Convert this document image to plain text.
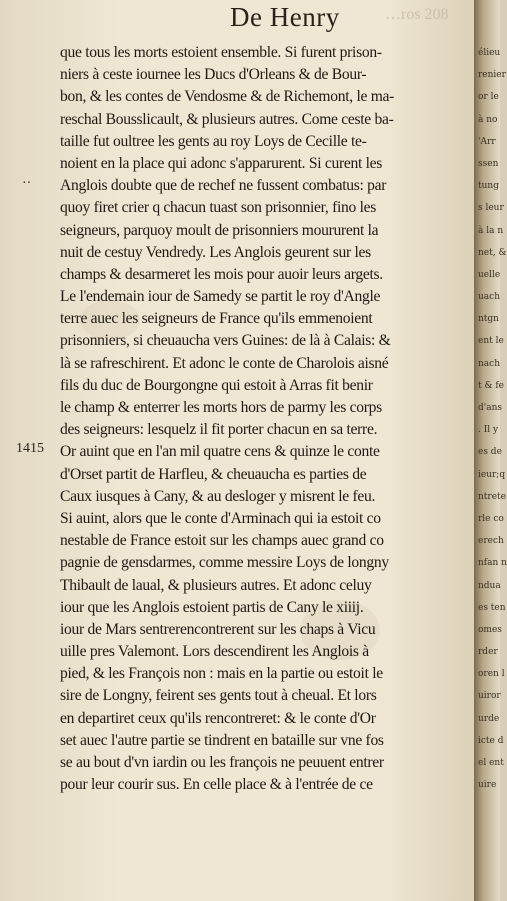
…ros 208
De Henry
··
1415
que tous les morts estoient ensemble. Si furent prison-
niers à ceste iournee les Ducs d'Orleans & de Bour-
bon, & les contes de Vendosme & de Richemont, le ma-
reschal Bousslicault, & plusieurs autres. Come ceste ba-
taille fut oultree les gents au roy Loys de Cecille te-
noient en la place qui adonc s'apparurent. Si curent les
Anglois doubte que de rechef ne fussent combatus: par
quoy firet crier q chacun tuast son prisonnier, fino les
seigneurs, parquoy moult de prisonniers moururent la
nuit de cestuy Vendredy. Les Anglois geurent sur les
champs & desarmeret les mois pour auoir leurs argets.
Le l'endemain iour de Samedy se partit le roy d'Angle
terre auec les seigneurs de France qu'ils emmenoient
prisonniers, si cheuaucha vers Guines: de là à Calais: &
là se rafreschirent. Et adonc le conte de Charolois aisné
fils du duc de Bourgongne qui estoit à Arras fit benir
le champ & enterrer les morts hors de parmy les corps
des seigneurs: lesquelz il fit porter chacun en sa terre.
Or auint que en l'an mil quatre cens & quinze le conte
d'Orset partit de Harfleu, & cheuaucha es parties de
Caux iusques à Cany, & au desloger y misrent le feu.
Si auint, alors que le conte d'Arminach qui ia estoit co
nestable de France estoit sur les champs auec grand co
pagnie de gensdarmes, comme messire Loys de longny
Thibault de laual, & plusieurs autres. Et adonc celuy
iour que les Anglois estoient partis de Cany le xiiij.
iour de Mars sentrerencontrerent sur les chaps à Vicu
uille pres Valemont. Lors descendirent les Anglois à
pied, & les François non : mais en la partie ou estoit le
sire de Longny, feirent ses gents tout à cheual. Et lors
en departiret ceux qu'ils rencontreret: & le conte d'Or
set auec l'autre partie se tindrent en bataille sur vne fos
se au bout d'vn iardin ou les françois ne peuuent entrer
pour leur courir sus. En celle place & à l'entrée de ce
élieu
renier
or le
à no
'Arr
ssen
tung
s leur
à la n
net, &
uelle
uach
ntgn
ent le
nach
t & fe
d'ans
. Il y
es de
ieur;q
ntrete
rle co
erech
nfan n
ndua
es ten
omes
rder
oren l
uiror
urde
icte d
el ent
uire
